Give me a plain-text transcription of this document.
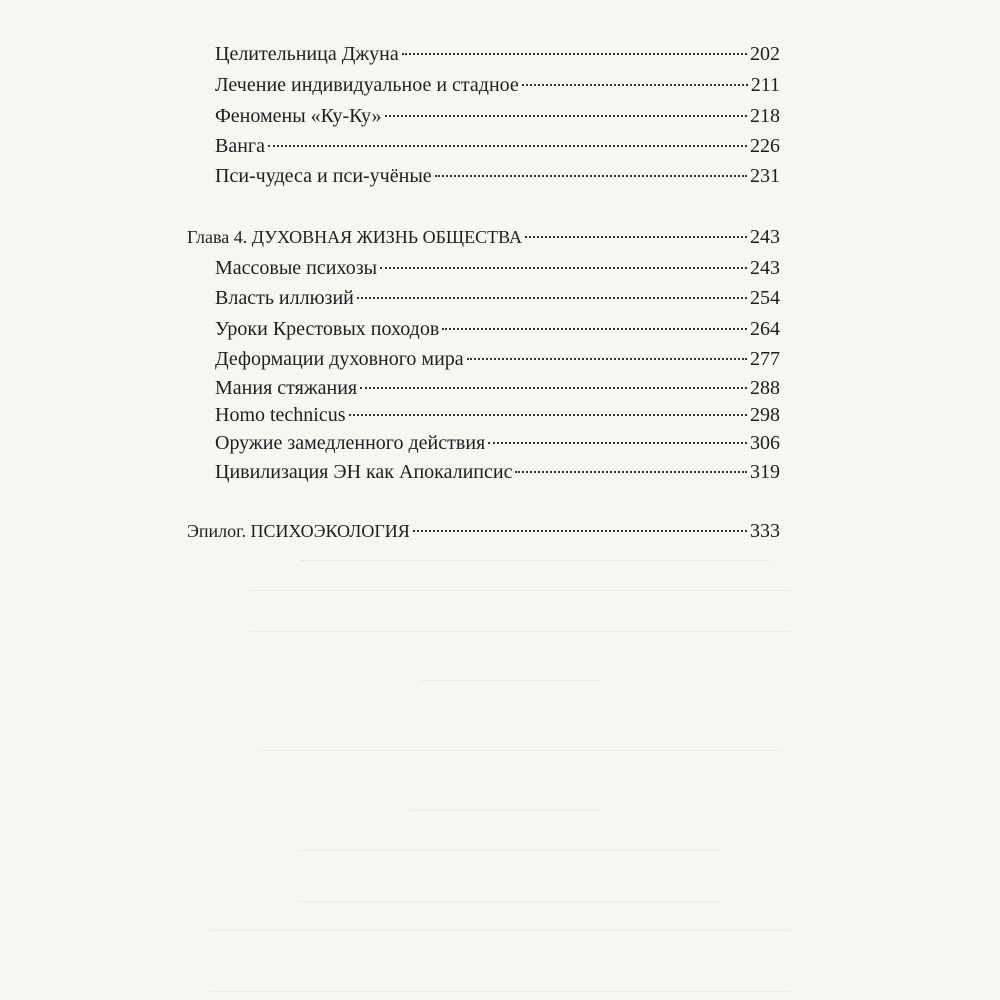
Целительница Джуна	202
Лечение индивидуальное и стадное	211
Феномены «Ку-Ку»	218
Ванга	226
Пси-чудеса и пси-учёные	231
Глава 4. ДУХОВНАЯ ЖИЗНЬ ОБЩЕСТВА	243
Массовые психозы	243
Власть иллюзий	254
Уроки Крестовых походов	264
Деформации духовного мира	277
Мания стяжания	288
Homo technicus	298
Оружие замедленного действия	306
Цивилизация ЭН как Апокалипсис	319
Эпилог. ПСИХОЭКОЛОГИЯ	333
